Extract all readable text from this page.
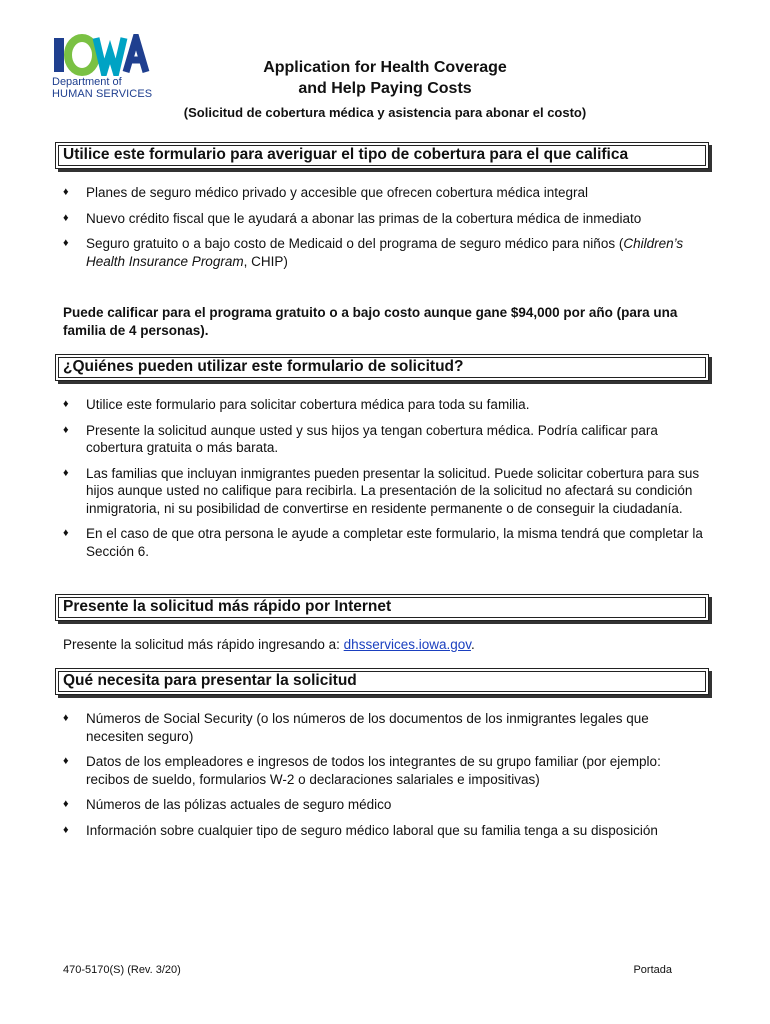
Department of
HUMAN SERVICES
Application for Health Coverage
and Help Paying Costs
(Solicitud de cobertura médica y asistencia para abonar el costo)
Utilice este formulario para averiguar el tipo de cobertura para el que califica
♦ Planes de seguro médico privado y accesible que ofrecen cobertura médica integral
♦ Nuevo crédito fiscal que le ayudará a abonar las primas de la cobertura médica de inmediato
♦ Seguro gratuito o a bajo costo de Medicaid o del programa de seguro médico para niños (Children’s Health Insurance Program, CHIP)
Puede calificar para el programa gratuito o a bajo costo aunque gane $94,000 por año (para una familia de 4 personas).
¿Quiénes pueden utilizar este formulario de solicitud?
♦ Utilice este formulario para solicitar cobertura médica para toda su familia.
♦ Presente la solicitud aunque usted y sus hijos ya tengan cobertura médica. Podría calificar para cobertura gratuita o más barata.
♦ Las familias que incluyan inmigrantes pueden presentar la solicitud. Puede solicitar cobertura para sus hijos aunque usted no califique para recibirla. La presentación de la solicitud no afectará su condición inmigratoria, ni su posibilidad de convertirse en residente permanente o de conseguir la ciudadanía.
♦ En el caso de que otra persona le ayude a completar este formulario, la misma tendrá que completar la Sección 6.
Presente la solicitud más rápido por Internet
Presente la solicitud más rápido ingresando a: dhsservices.iowa.gov.
Qué necesita para presentar la solicitud
♦ Números de Social Security (o los números de los documentos de los inmigrantes legales que necesiten seguro)
♦ Datos de los empleadores e ingresos de todos los integrantes de su grupo familiar (por ejemplo: recibos de sueldo, formularios W-2 o declaraciones salariales e impositivas)
♦ Números de las pólizas actuales de seguro médico
♦ Información sobre cualquier tipo de seguro médico laboral que su familia tenga a su disposición
470-5170(S) (Rev. 3/20)	Portada
